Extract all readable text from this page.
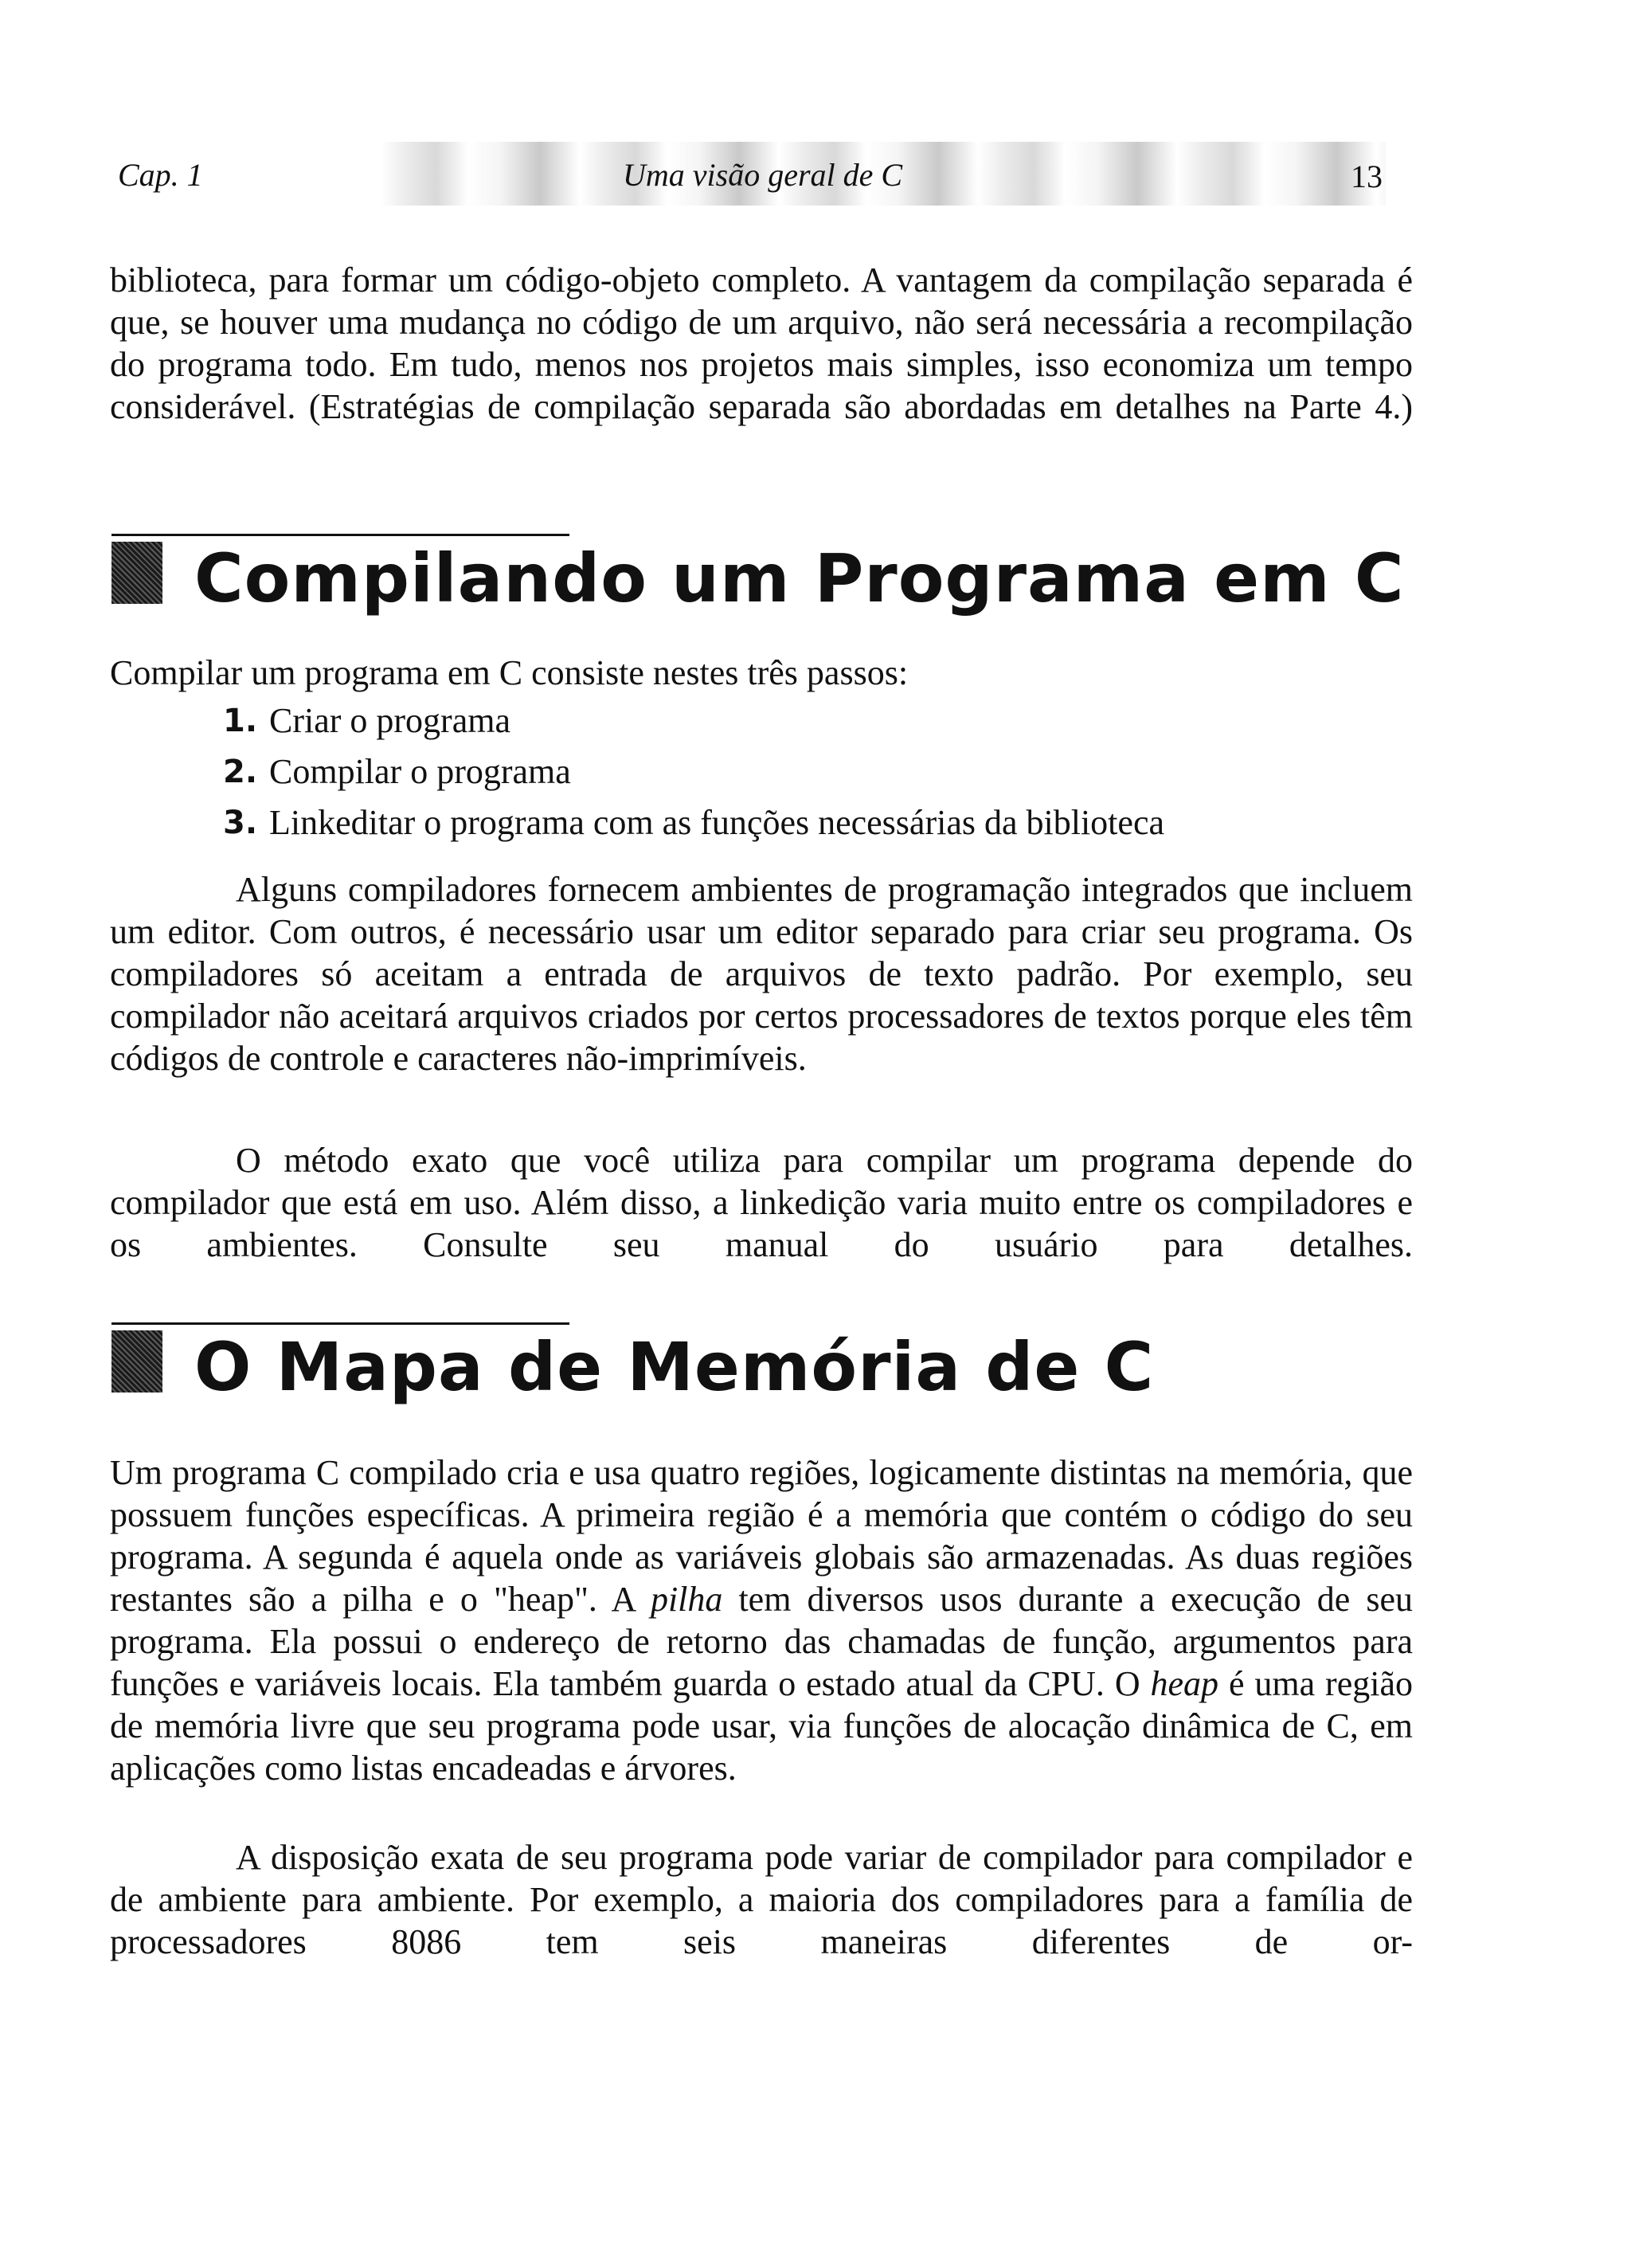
Cap. 1	Uma visão geral de C	13

biblioteca, para formar um código-objeto completo. A vantagem da compilação separada é que, se houver uma mudança no código de um arquivo, não será necessária a recompilação do programa todo. Em tudo, menos nos projetos mais simples, isso economiza um tempo considerável. (Estratégias de compilação separada são abordadas em detalhes na Parte 4.)

Compilando um Programa em C

Compilar um programa em C consiste nestes três passos:

1. Criar o programa
2. Compilar o programa
3. Linkeditar o programa com as funções necessárias da biblioteca

Alguns compiladores fornecem ambientes de programação integrados que incluem um editor. Com outros, é necessário usar um editor separado para criar seu programa. Os compiladores só aceitam a entrada de arquivos de texto padrão. Por exemplo, seu compilador não aceitará arquivos criados por certos processadores de textos porque eles têm códigos de controle e caracteres não-imprimíveis.

O método exato que você utiliza para compilar um programa depende do compilador que está em uso. Além disso, a linkedição varia muito entre os compiladores e os ambientes. Consulte seu manual do usuário para detalhes.

O Mapa de Memória de C

Um programa C compilado cria e usa quatro regiões, logicamente distintas na memória, que possuem funções específicas. A primeira região é a memória que contém o código do seu programa. A segunda é aquela onde as variáveis globais são armazenadas. As duas regiões restantes são a pilha e o "heap". A pilha tem diversos usos durante a execução de seu programa. Ela possui o endereço de retorno das chamadas de função, argumentos para funções e variáveis locais. Ela também guarda o estado atual da CPU. O heap é uma região de memória livre que seu programa pode usar, via funções de alocação dinâmica de C, em aplicações como listas encadeadas e árvores.

A disposição exata de seu programa pode variar de compilador para compilador e de ambiente para ambiente. Por exemplo, a maioria dos compiladores para a família de processadores 8086 tem seis maneiras diferentes de or-
